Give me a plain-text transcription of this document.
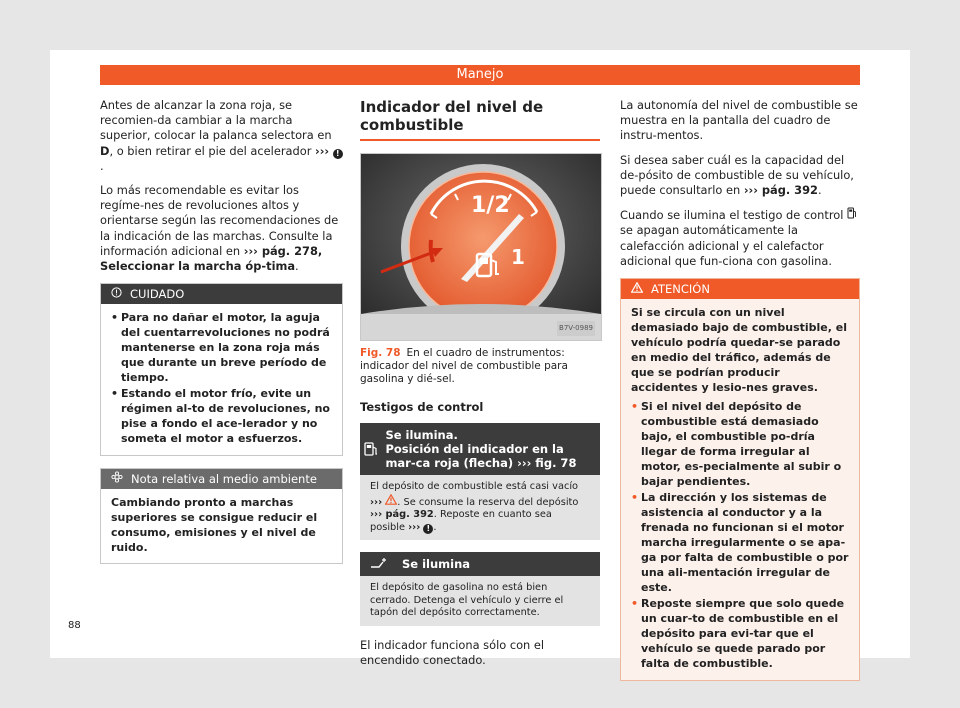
Manejo

Antes de alcanzar la zona roja, se recomien-da cambiar a la marcha superior, colocar la palanca selectora en D, o bien retirar el pie del acelerador ››› !.

Lo más recomendable es evitar los regíme-nes de revoluciones altos y orientarse según las recomendaciones de la indicación de las marchas. Consulte la información adicional en ››› pág. 278, Seleccionar la marcha óp-tima.

CUIDADO
• Para no dañar el motor, la aguja del cuentarrevoluciones no podrá mantenerse en la zona roja más que durante un breve período de tiempo.
• Estando el motor frío, evite un régimen al-to de revoluciones, no pise a fondo el ace-lerador y no someta el motor a esfuerzos.
Nota relativa al medio ambiente
Cambiando pronto a marchas superiores se consigue reducir el consumo, emisiones y el nivel de ruido.
Indicador del nivel de combustible
1/2
1
B7V-0989
Fig. 78 En el cuadro de instrumentos: indicador del nivel de combustible para gasolina y dié-sel.
Testigos de control
Se ilumina.
Posición del indicador en la mar-ca roja (flecha) ››› fig. 78
El depósito de combustible está casi vacío ››› . Se consume la reserva del depósito ››› pág. 392. Reposte en cuanto sea posible ››› ! .
Se ilumina
El depósito de gasolina no está bien cerrado. Detenga el vehículo y cierre el tapón del depósito correctamente.

El indicador funciona sólo con el encendido conectado.

La autonomía del nivel de combustible se muestra en la pantalla del cuadro de instru-mentos.

Si desea saber cuál es la capacidad del de-pósito de combustible de su vehículo, puede consultarlo en ››› pág. 392.

Cuando se ilumina el testigo de control  se apagan automáticamente la calefacción adicional y el calefactor adicional que fun-ciona con gasolina.

ATENCIÓN
Si se circula con un nivel demasiado bajo de combustible, el vehículo podría quedar-se parado en medio del tráfico, además de que se podrían producir accidentes y lesio-nes graves.
• Si el nivel del depósito de combustible está demasiado bajo, el combustible po-dría llegar de forma irregular al motor, es-pecialmente al subir o bajar pendientes.
• La dirección y los sistemas de asistencia al conductor y a la frenada no funcionan si el motor marcha irregularmente o se apa-ga por falta de combustible o por una ali-mentación irregular de este.
• Reposte siempre que solo quede un cuar-to de combustible en el depósito para evi-tar que el vehículo se quede parado por falta de combustible.
88
